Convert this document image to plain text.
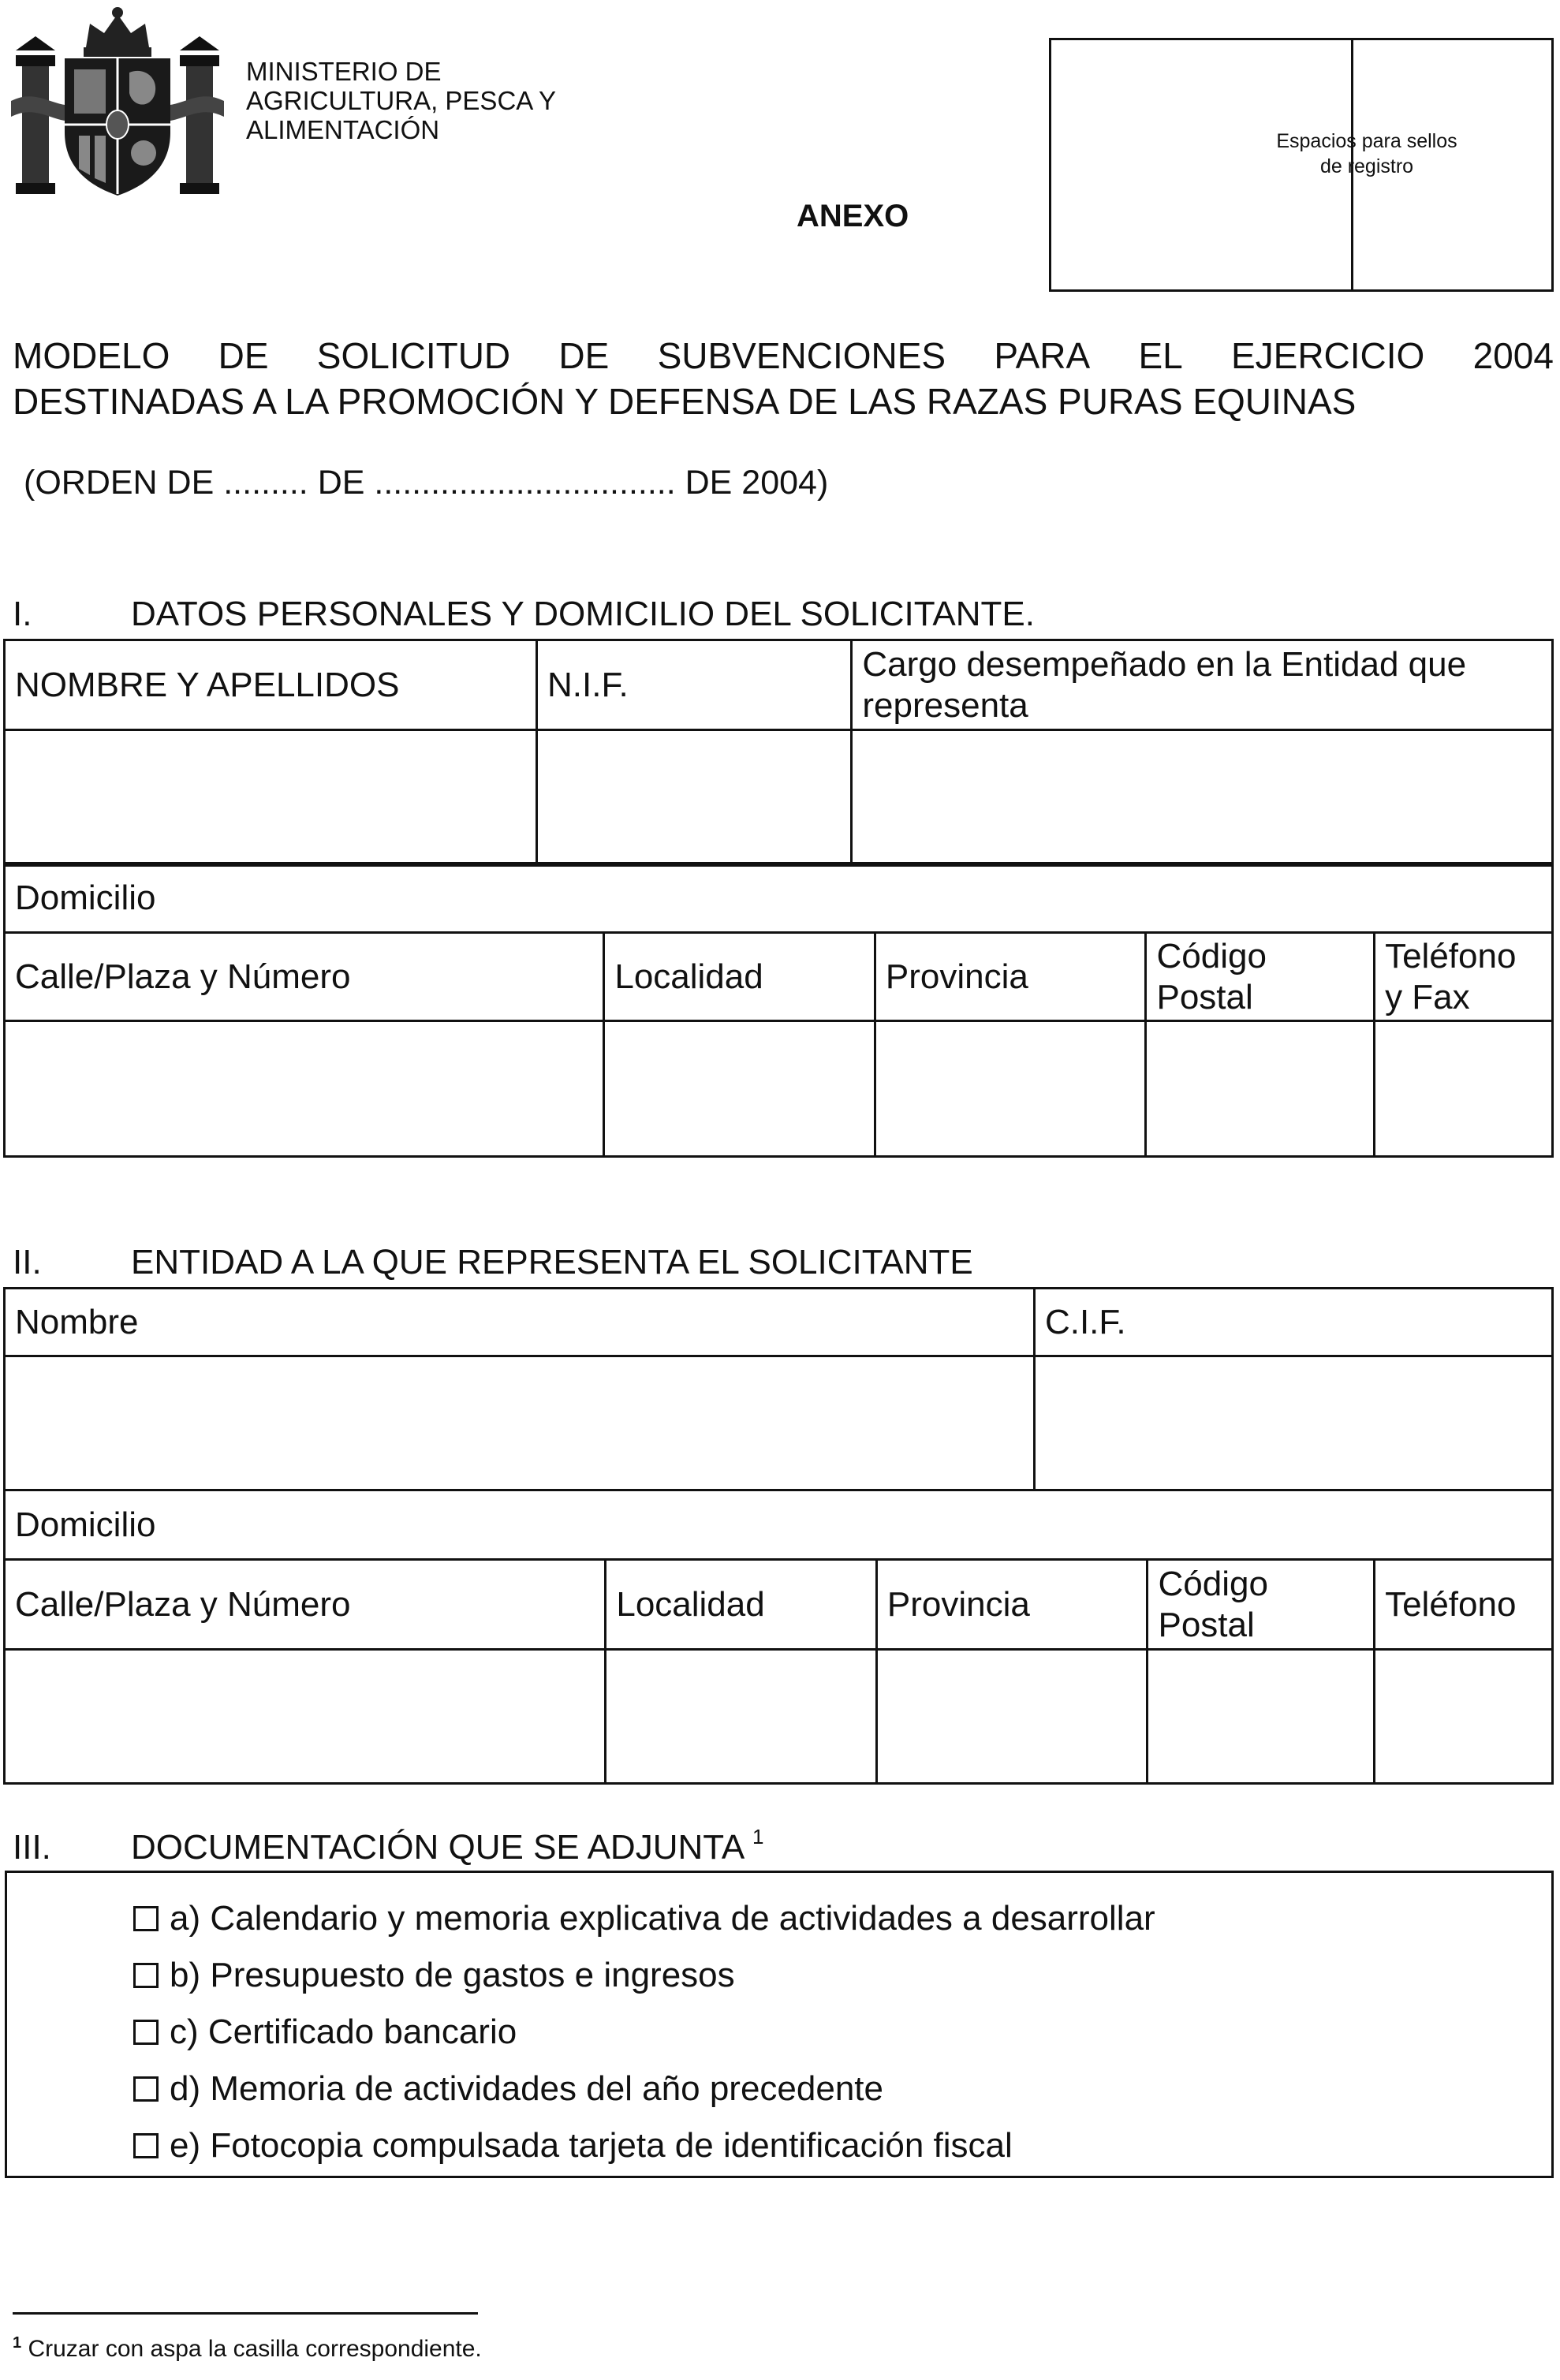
MINISTERIO DE
AGRICULTURA, PESCA Y
ALIMENTACIÓN
ANEXO
Espacios para sellos
de registro
MODELO DE SOLICITUD DE SUBVENCIONES PARA EL EJERCICIO 2004
DESTINADAS A LA PROMOCIÓN Y DEFENSA DE LAS RAZAS PURAS EQUINAS
(ORDEN DE ......... DE ................................ DE 2004)
I.	DATOS PERSONALES Y DOMICILIO DEL SOLICITANTE.
NOMBRE Y APELLIDOS	N.I.F.	Cargo desempeñado en la Entidad que representa

Domicilio				
Calle/Plaza y Número	Localidad	Provincia	Código Postal	Teléfono y Fax

II.	ENTIDAD A LA QUE REPRESENTA EL SOLICITANTE
Nombre	C.I.F.

Domicilio				
Calle/Plaza y Número	Localidad	Provincia	Código Postal	Teléfono

III. DOCUMENTACIÓN QUE SE ADJUNTA $^1$
a) Calendario y memoria explicativa de actividades a desarrollar
b) Presupuesto de gastos e ingresos
c) Certificado bancario
d) Memoria de actividades del año precedente
e) Fotocopia compulsada tarjeta de identificación fiscal
$^1$ Cruzar con aspa la casilla correspondiente.
